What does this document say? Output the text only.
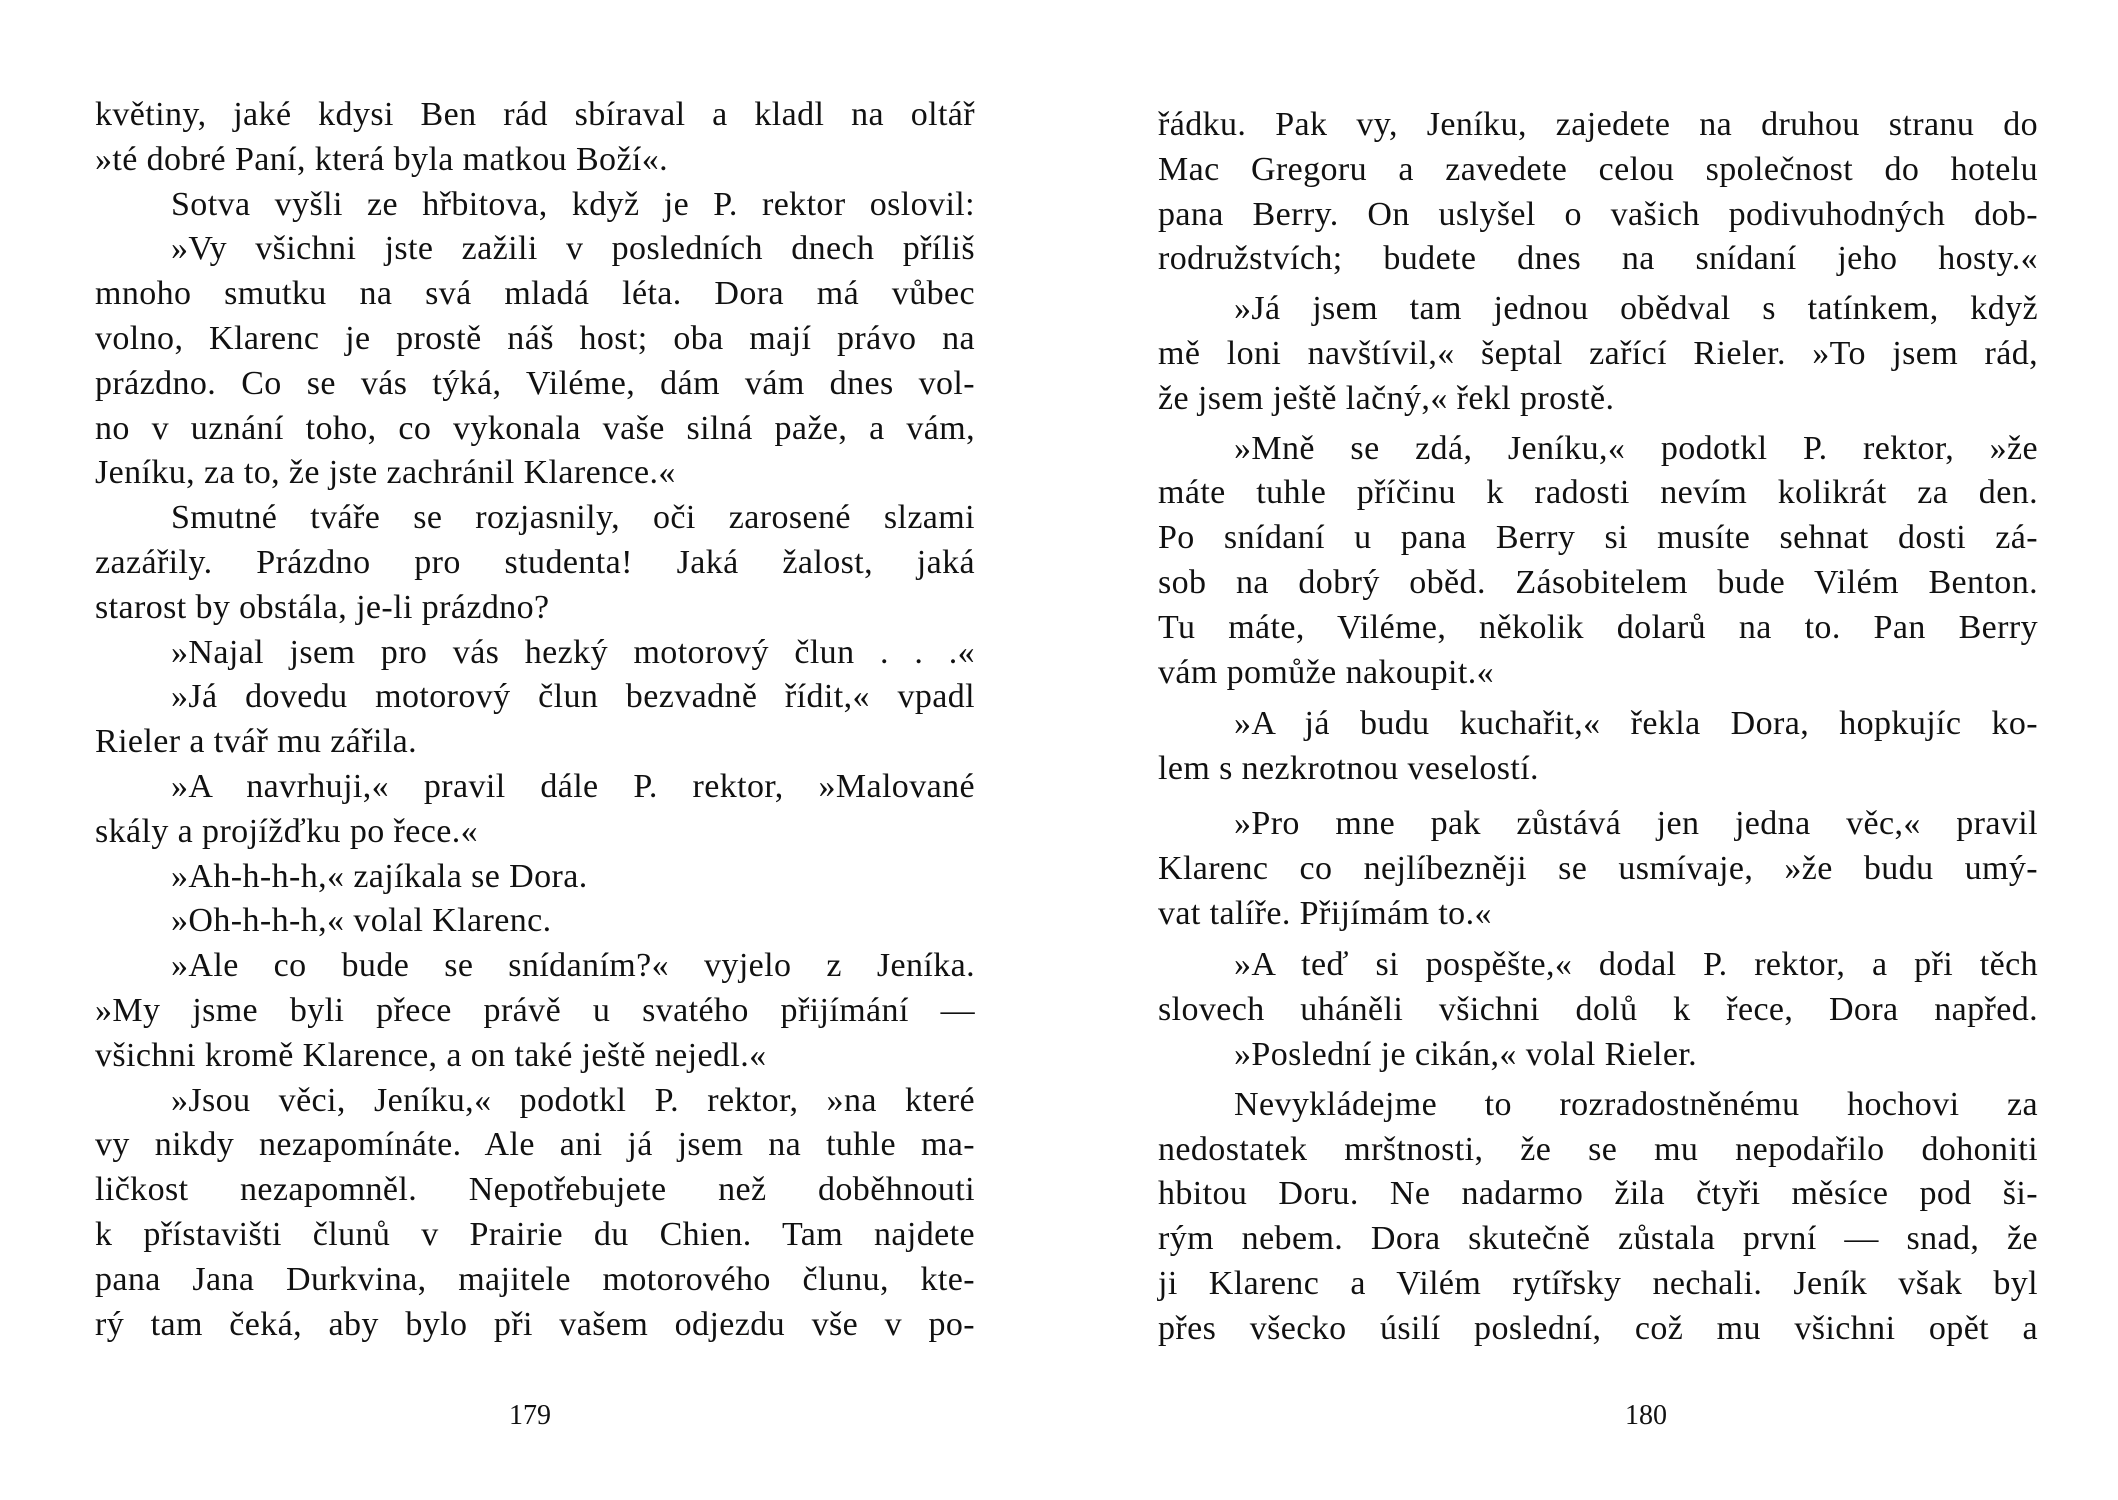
květiny, jaké kdysi Ben rád sbíraval a kladl na oltář
»té dobré Paní, která byla matkou Boží«.
Sotva vyšli ze hřbitova, když je P. rektor oslovil:
»Vy všichni jste zažili v posledních dnech příliš
mnoho smutku na svá mladá léta. Dora má vůbec
volno, Klarenc je prostě náš host; oba mají právo na
prázdno. Co se vás týká, Viléme, dám vám dnes vol-
no v uznání toho, co vykonala vaše silná paže, a vám,
Jeníku, za to, že jste zachránil Klarence.«
Smutné tváře se rozjasnily, oči zarosené slzami
zazářily. Prázdno pro studenta! Jaká žalost, jaká
starost by obstála, je-li prázdno?
»Najal jsem pro vás hezký motorový člun . . .«
»Já dovedu motorový člun bezvadně řídit,« vpadl
Rieler a tvář mu zářila.
»A navrhuji,« pravil dále P. rektor, »Malované
skály a projížďku po řece.«
»Ah-h-h-h,« zajíkala se Dora.
»Oh-h-h-h,« volal Klarenc.
»Ale co bude se snídaním?« vyjelo z Jeníka.
»My jsme byli přece právě u svatého přijímání —
všichni kromě Klarence, a on také ještě nejedl.«
»Jsou věci, Jeníku,« podotkl P. rektor, »na které
vy nikdy nezapomínáte. Ale ani já jsem na tuhle ma-
ličkost nezapomněl. Nepotřebujete než doběhnouti
k přístavišti člunů v Prairie du Chien. Tam najdete
pana Jana Durkvina, majitele motorového člunu, kte-
rý tam čeká, aby bylo při vašem odjezdu vše v po-
179
řádku. Pak vy, Jeníku, zajedete na druhou stranu do
Mac Gregoru a zavedete celou společnost do hotelu
pana Berry. On uslyšel o vašich podivuhodných dob-
rodružstvích; budete dnes na snídaní jeho hosty.«
»Já jsem tam jednou obědval s tatínkem, když
mě loni navštívil,« šeptal zařící Rieler. »To jsem rád,
že jsem ještě lačný,« řekl prostě.
»Mně se zdá, Jeníku,« podotkl P. rektor, »že
máte tuhle příčinu k radosti nevím kolikrát za den.
Po snídaní u pana Berry si musíte sehnat dosti zá-
sob na dobrý oběd. Zásobitelem bude Vilém Benton.
Tu máte, Viléme, několik dolarů na to. Pan Berry
vám pomůže nakoupit.«
»A já budu kuchařit,« řekla Dora, hopkujíc ko-
lem s nezkrotnou veselostí.
»Pro mne pak zůstává jen jedna věc,« pravil
Klarenc co nejlíbezněji se usmívaje, »že budu umý-
vat talíře. Přijímám to.«
»A teď si pospěšte,« dodal P. rektor, a při těch
slovech uháněli všichni dolů k řece, Dora napřed.
»Poslední je cikán,« volal Rieler.
Nevykládejme to rozradostněnému hochovi za
nedostatek mrštnosti, že se mu nepodařilo dohoniti
hbitou Doru. Ne nadarmo žila čtyři měsíce pod ši-
rým nebem. Dora skutečně zůstala první — snad, že
ji Klarenc a Vilém rytířsky nechali. Jeník však byl
přes všecko úsilí poslední, což mu všichni opět a
180
